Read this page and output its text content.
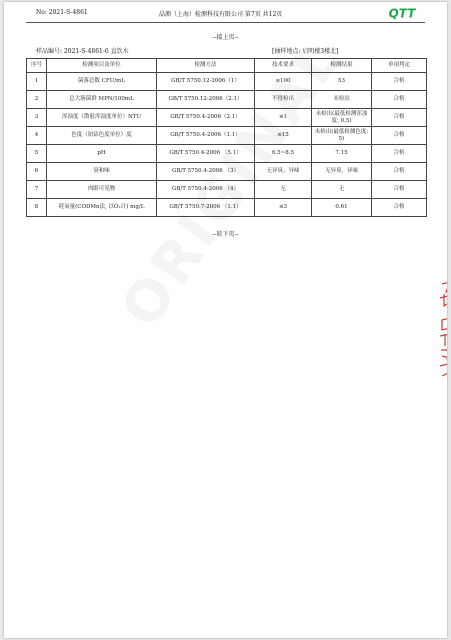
No: 2021-S-4861	晶测（上海）检测科技有限公司 第7页 共12页	QTT
--接上页--
样品编号: 2021-S-4861-6 直饮水	[抽样地点: 启明楼3楼北]
序号	检测项目及单位	检测方法	技术要求	检测结果	单项判定
1	菌落总数 CFU/mL	GB/T 5750.12-2006（1）	≤100	53	合格
2	总大肠菌群 MPN/100mL	GB/T 5750.12-2006（2.1）	不得检出	未检出	合格
3	浑浊度（散射浑浊度单位）NTU	GB/T 5750.4-2006（2.1）	≤1	未检出(最低检测浑浊度: 0.5)	合格
4	色度（铂钴色度单位）度	GB/T 5750.4-2006（1.1）	≤15	未检出(最低检测色度: 5)	合格
5	pH	GB/T 5750.4-2006 （5.1）	6.5~8.5	7.15	合格
6	臭和味	GB/T 5750.4-2006 （3）	无异臭、异味	无异臭、异味	合格
7	肉眼可见物	GB/T 5750.4-2006 （4）	无	无	合格
8	耗氧量(CODMn法, 以O₂计) mg/L	GB/T 5750.7-2006 （1.1）	≤3	0.61	合格
--转下页--
